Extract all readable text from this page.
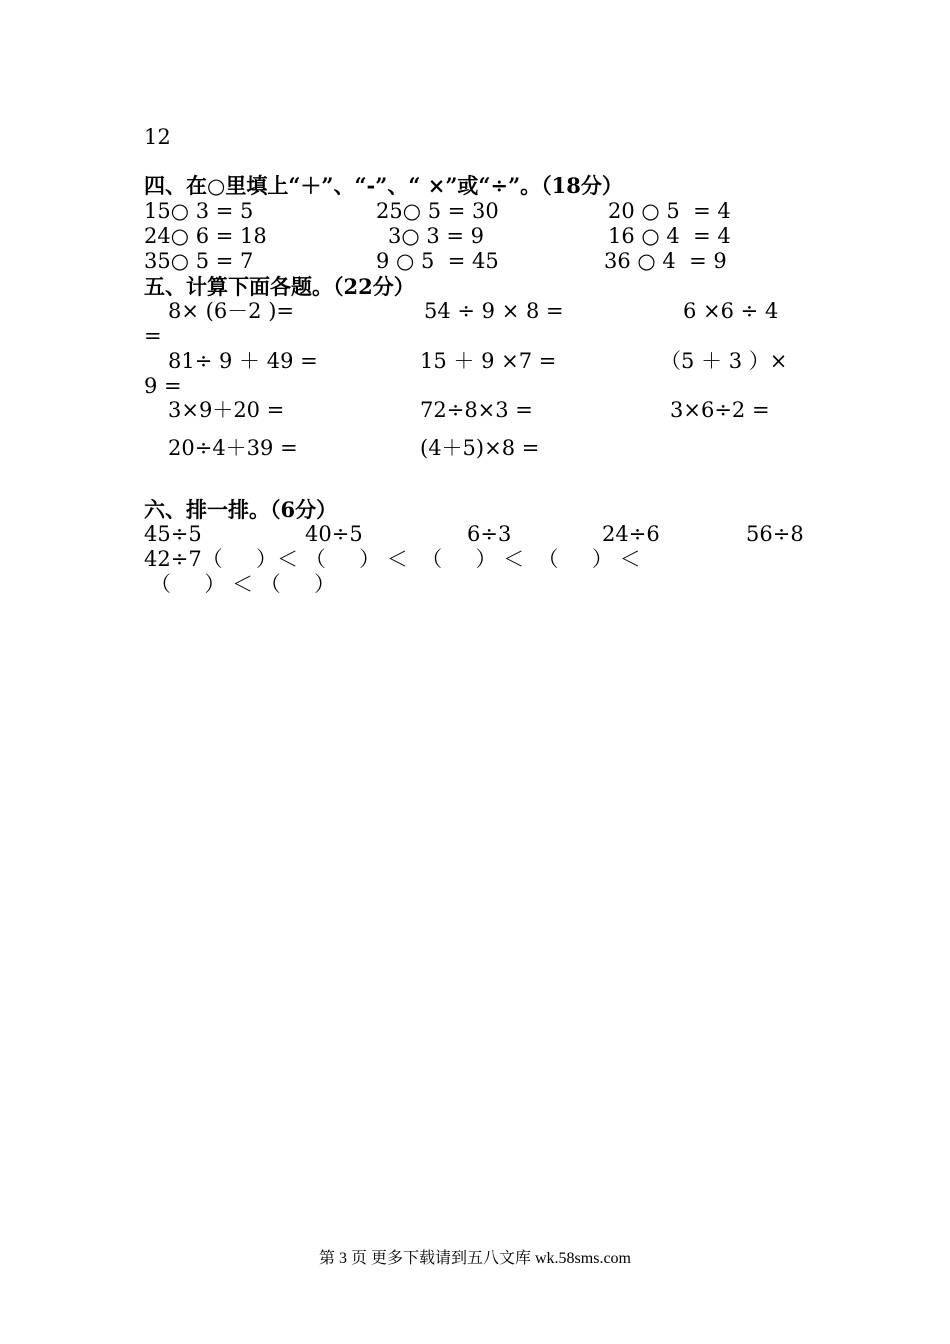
12
四、在○里填上“＋”、“-”、“ ×”或“÷”。（18分）
15○ 3 = 5	25○ 5 = 30	20 ○ 5  = 4
24○ 6 = 18	3○ 3 = 9	16 ○ 4  = 4
35○ 5 = 7	9 ○ 5  = 45	36 ○ 4  = 9
五、计算下面各题。（22分）
8× (6－2 )=	54 ÷ 9 × 8 =	6 ×6 ÷ 4
=
81÷ 9 ＋ 49 =	15 ＋ 9 ×7 =	（5 ＋ 3 ）×
9 =
3×9＋20 =	72÷8×3 =	3×6÷2 =
20÷4＋39 =	(4＋5)×8 =
六、排一排。（6分）
45÷5	40÷5	6÷3	24÷6	56÷8
42÷7（     ）＜ （     ） ＜  （     ） ＜  （     ） ＜
（     ） ＜ （     ）
第 3 页 更多下载请到五八文库 wk.58sms.com
